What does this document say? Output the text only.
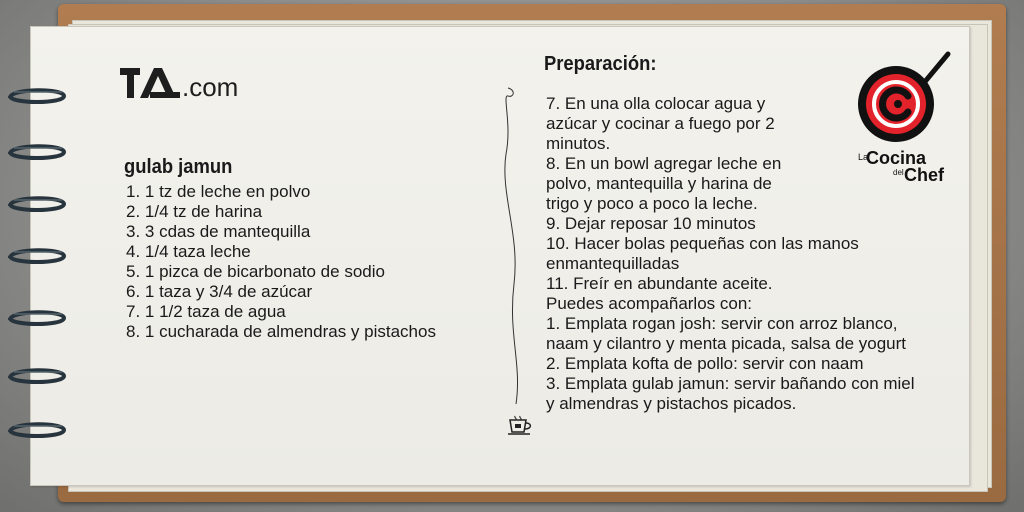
.com
gulab jamun
1. 1 tz de leche en polvo
2. 1/4 tz de harina
3. 3 cdas de mantequilla
4. 1/4 taza leche
5. 1 pizca de bicarbonato de sodio
6. 1 taza y 3/4 de azúcar
7. 1 1/2 taza de agua
8. 1 cucharada de almendras y pistachos
Preparación:
7. En una olla colocar agua y azúcar y cocinar a fuego por 2 minutos.
8. En un bowl agregar leche en polvo, mantequilla y harina de trigo y poco a poco la leche.
9. Dejar reposar 10 minutos
10. Hacer bolas pequeñas con las manos enmantequilladas
11. Freír en abundante aceite.
Puedes acompañarlos con:
1. Emplata rogan josh: servir con arroz blanco, naam y cilantro y menta picada, salsa de yogurt
2. Emplata kofta de pollo: servir con naam
3. Emplata gulab jamun: servir bañando con miel y almendras y pistachos picados.
La
Cocina
del Chef
